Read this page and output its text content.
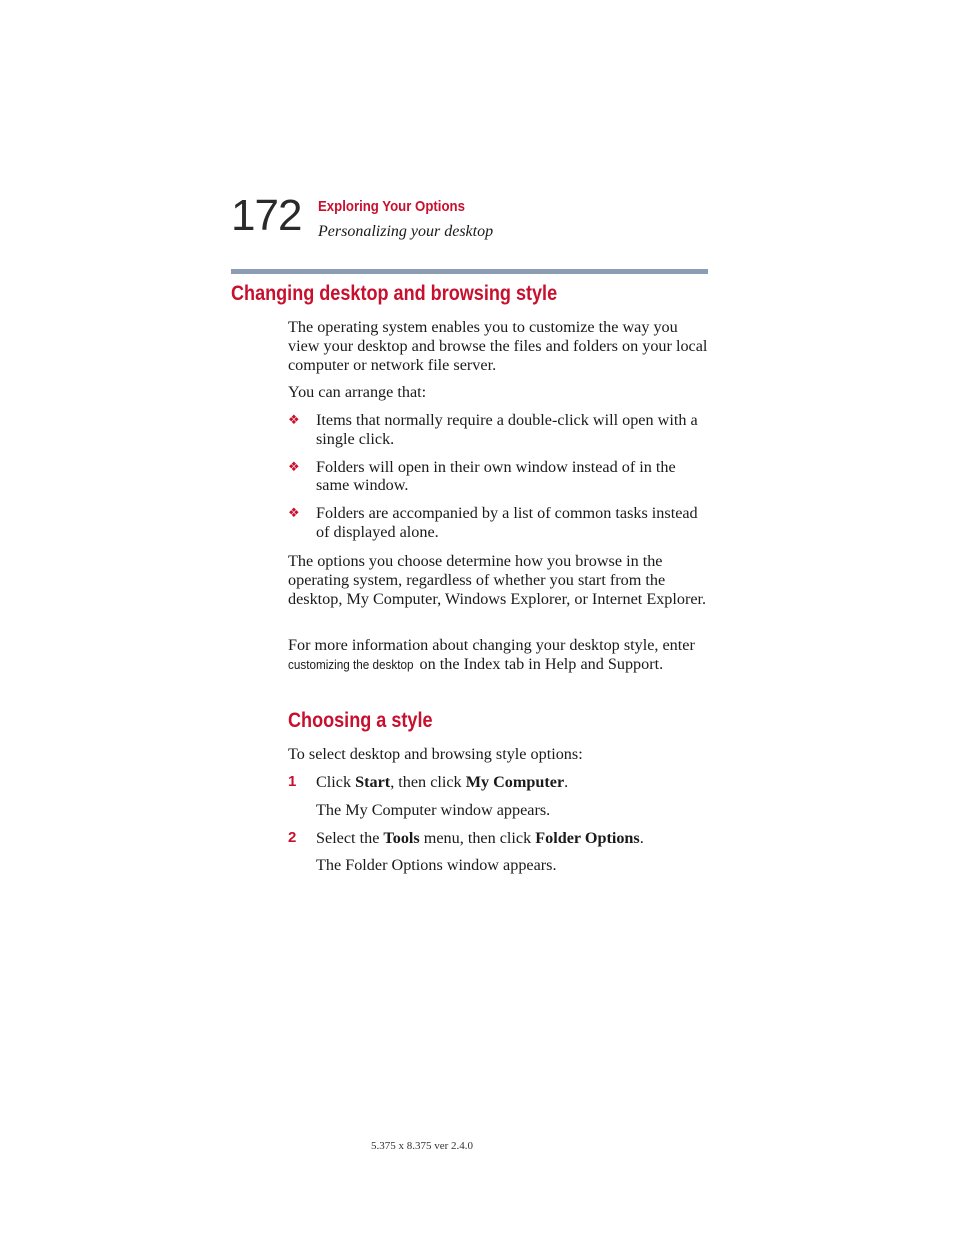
172 Exploring Your Options
Personalizing your desktop
Changing desktop and browsing style
The operating system enables you to customize the way you view your desktop and browse the files and folders on your local computer or network file server.
You can arrange that:
❖ Items that normally require a double-click will open with a single click.
❖ Folders will open in their own window instead of in the same window.
❖ Folders are accompanied by a list of common tasks instead of displayed alone.
The options you choose determine how you browse in the operating system, regardless of whether you start from the desktop, My Computer, Windows Explorer, or Internet Explorer.
For more information about changing your desktop style, enter customizing the desktop on the Index tab in Help and Support.
Choosing a style
To select desktop and browsing style options:
1 Click Start, then click My Computer.
The My Computer window appears.
2 Select the Tools menu, then click Folder Options.
The Folder Options window appears.
5.375 x 8.375 ver 2.4.0
